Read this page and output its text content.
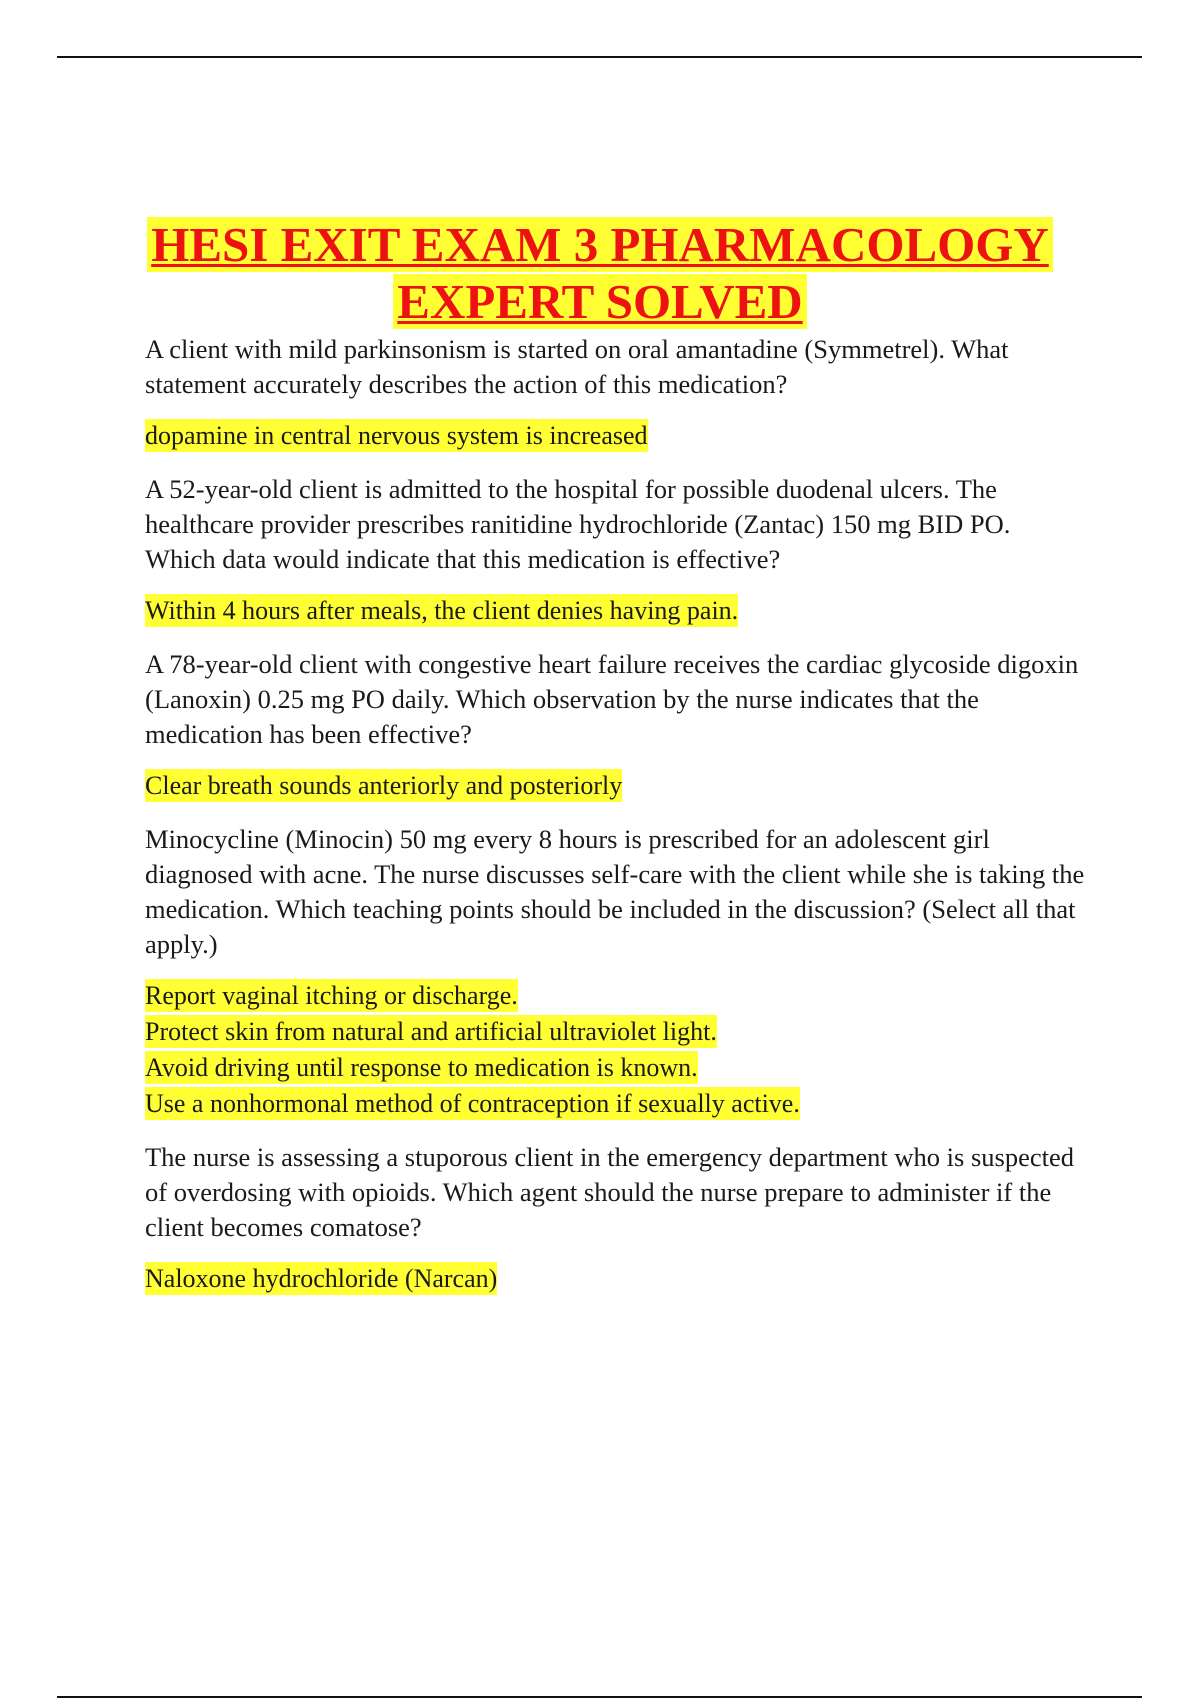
HESI EXIT EXAM 3 PHARMACOLOGY
EXPERT SOLVED

A client with mild parkinsonism is started on oral amantadine (Symmetrel). What statement accurately describes the action of this medication?

dopamine in central nervous system is increased

A 52-year-old client is admitted to the hospital for possible duodenal ulcers. The healthcare provider prescribes ranitidine hydrochloride (Zantac) 150 mg BID PO. Which data would indicate that this medication is effective?

Within 4 hours after meals, the client denies having pain.

A 78-year-old client with congestive heart failure receives the cardiac glycoside digoxin (Lanoxin) 0.25 mg PO daily. Which observation by the nurse indicates that the medication has been effective?

Clear breath sounds anteriorly and posteriorly

Minocycline (Minocin) 50 mg every 8 hours is prescribed for an adolescent girl diagnosed with acne. The nurse discusses self-care with the client while she is taking the medication. Which teaching points should be included in the discussion? (Select all that apply.)

Report vaginal itching or discharge.
Protect skin from natural and artificial ultraviolet light.
Avoid driving until response to medication is known.
Use a nonhormonal method of contraception if sexually active.

The nurse is assessing a stuporous client in the emergency department who is suspected of overdosing with opioids. Which agent should the nurse prepare to administer if the client becomes comatose?

Naloxone hydrochloride (Narcan)
